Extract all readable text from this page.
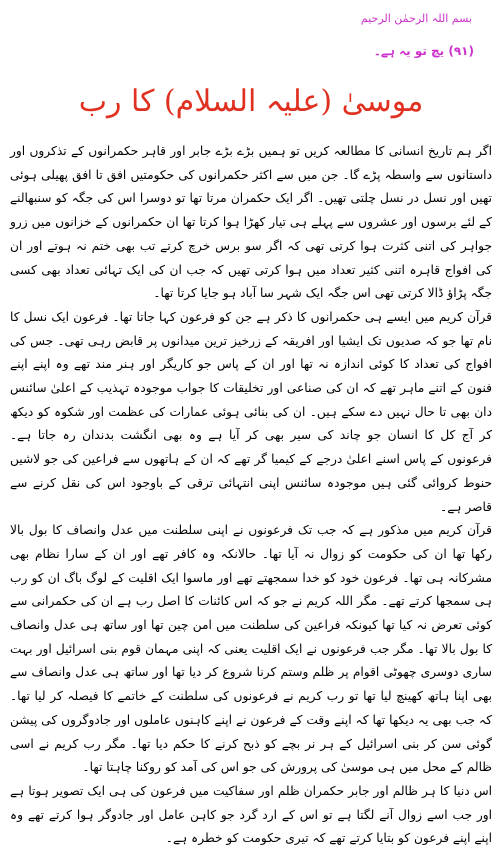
بسم اللہ الرحمٰن الرحیم
(۹۱) یچ تو یہ ہے۔
موسیٰ (علیہ السلام) کا رب

اگر ہم تاریخ انسانی کا مطالعہ کریں تو ہمیں بڑے بڑے جابر اور قاہر حکمرانوں کے تذکروں اور داستانوں سے واسطہ پڑے گا۔ جن میں سے اکثر حکمرانوں کی حکومتیں افق تا افق پھیلی ہوئی تھیں اور نسل در نسل چلتی تھیں۔ اگر ایک حکمران مرتا تھا تو دوسرا اس کی جگہ کو سنبھالنے کے لئے برسوں اور عشروں سے پہلے ہی تیار کھڑا ہوا کرتا تھا ان حکمرانوں کے خزانوں میں زرو جواہر کی اتنی کثرت ہوا کرتی تھی کہ اگر سو برس خرچ کرتے تب بھی ختم نہ ہوتے اور ان کی افواج قاہرہ اتنی کثیر تعداد میں ہوا کرتی تھیں کہ جب ان کی ایک تہائی تعداد بھی کسی جگہ پڑاؤ ڈالا کرتی تھی اس جگہ ایک شہر سا آباد ہو جایا کرتا تھا۔

قرآن کریم میں ایسے ہی حکمرانوں کا ذکر ہے جن کو فرعون کہا جاتا تھا۔ فرعون ایک نسل کا نام تھا جو کہ صدیوں تک ایشیا اور افریقہ کے زرخیز ترین میدانوں پر قابض رہی تھی۔ جس کی افواج کی تعداد کا کوئی اندازہ نہ تھا اور ان کے پاس جو کاریگر اور ہنر مند تھے وہ اپنے اپنے فنون کے اتنے ماہر تھے کہ ان کی صناعی اور تخلیقات کا جواب موجودہ تہذیب کے اعلیٰ سائنس دان بھی تا حال نہیں دے سکے ہیں۔ ان کی بنائی ہوئی عمارات کی عظمت اور شکوہ کو دیکھ کر آج کل کا انسان جو چاند کی سیر بھی کر آیا ہے وہ بھی انگشت بدندان رہ جاتا ہے۔ فرعونوں کے پاس اسنے اعلیٰ درجے کے کیمیا گر تھے کہ ان کے ہاتھوں سے فراعین کی جو لاشیں حنوط کروائی گئی ہیں موجودہ سائنس اپنی انتہائی ترقی کے باوجود اس کی نقل کرنے سے قاصر ہے۔

قرآن کریم میں مذکور ہے کہ جب تک فرعونوں نے اپنی سلطنت میں عدل وانصاف کا بول بالا رکھا تھا ان کی حکومت کو زوال نہ آیا تھا۔ حالانکہ وہ کافر تھے اور ان کے سارا نظام بھی مشرکانہ ہی تھا۔ فرعون خود کو خدا سمجھتے تھے اور ماسوا ایک اقلیت کے لوگ باگ ان کو رب ہی سمجھا کرتے تھے۔ مگر اللہ کریم نے جو کہ اس کائنات کا اصل رب ہے ان کی حکمرانی سے کوئی تعرض نہ کیا تھا کیونکہ فراعین کی سلطنت میں امن چین تھا اور ساتھ ہی عدل وانصاف کا بول بالا تھا۔ مگر جب فرعونوں نے ایک اقلیت یعنی کہ اپنی مہمان قوم بنی اسرائیل اور بہت ساری دوسری چھوٹی اقوام پر ظلم وستم کرنا شروع کر دیا تھا اور ساتھ ہی عدل وانصاف سے بھی اپنا ہاتھ کھینچ لیا تھا تو رب کریم نے فرعونوں کی سلطنت کے خاتمے کا فیصلہ کر لیا تھا۔ کہ جب بھی یہ دیکھا تھا کہ اپنے وقت کے فرعون نے اپنے کاہنوں عاملوں اور جادوگروں کی پیشن گوئی سن کر بنی اسرائیل کے ہر نر بچے کو ذبح کرنے کا حکم دیا تھا۔ مگر رب کریم نے اسی ظالم کے محل میں ہی موسیٰ کی پرورش کی جو اس کی آمد کو روکنا چاہتا تھا۔

اس دنیا کا ہر ظالم اور جابر حکمران ظلم اور سفاکیت میں فرعون کی ہی ایک تصویر ہوتا ہے اور جب اسے زوال آنے لگتا ہے تو اس کے ارد گرد جو کاہن عامل اور جادوگر ہوا کرتے تھے وہ اپنے اپنے فرعون کو بتایا کرتے تھے کہ تیری حکومت کو خطرہ ہے۔
